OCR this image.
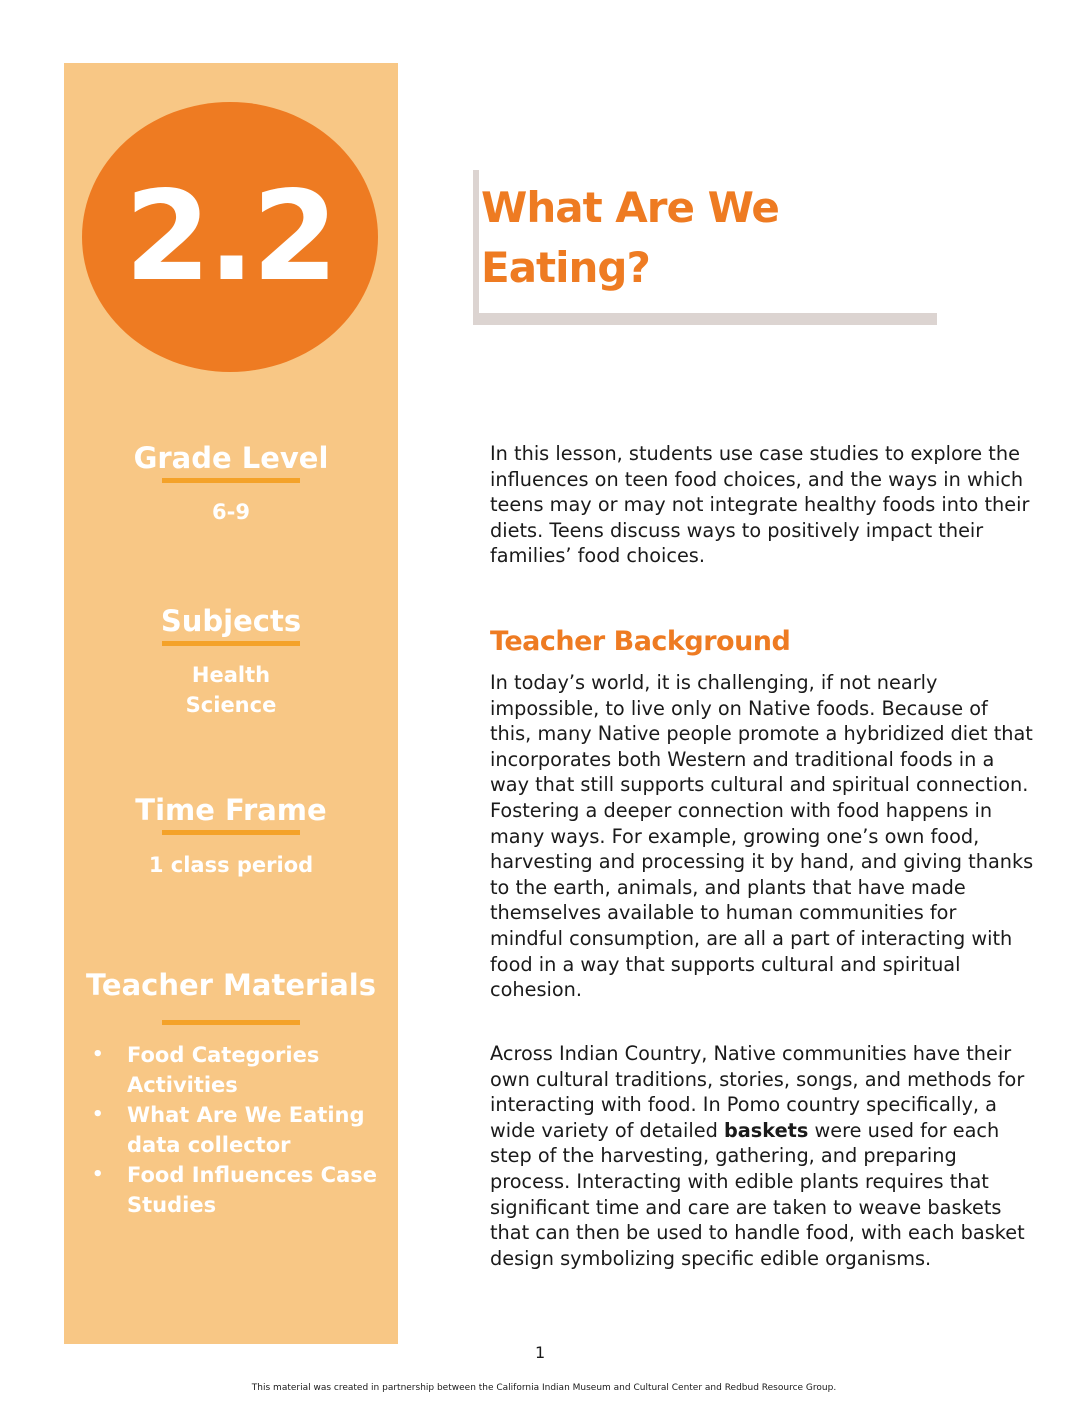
2.2
Grade Level
6-9
Subjects
Health
Science
Time Frame
1 class period
Teacher Materials
• Food Categories Activities
• What Are We Eating data collector
• Food Influences Case Studies
What Are We
Eating?

In this lesson, students use case studies to explore the influences on teen food choices, and the ways in which teens may or may not integrate healthy foods into their diets. Teens discuss ways to positively impact their families’ food choices.

Teacher Background

In today’s world, it is challenging, if not nearly impossible, to live only on Native foods. Because of this, many Native people promote a hybridized diet that incorporates both Western and traditional foods in a way that still supports cultural and spiritual connection. Fostering a deeper connection with food happens in many ways. For example, growing one’s own food, harvesting and processing it by hand, and giving thanks to the earth, animals, and plants that have made themselves available to human communities for mindful consumption, are all a part of interacting with food in a way that supports cultural and spiritual cohesion.

Across Indian Country, Native communities have their own cultural traditions, stories, songs, and methods for interacting with food. In Pomo country specifically, a wide variety of detailed baskets were used for each step of the harvesting, gathering, and preparing process. Interacting with edible plants requires that significant time and care are taken to weave baskets that can then be used to handle food, with each basket design symbolizing specific edible organisms.

1
This material was created in partnership between the California Indian Museum and Cultural Center and Redbud Resource Group.
